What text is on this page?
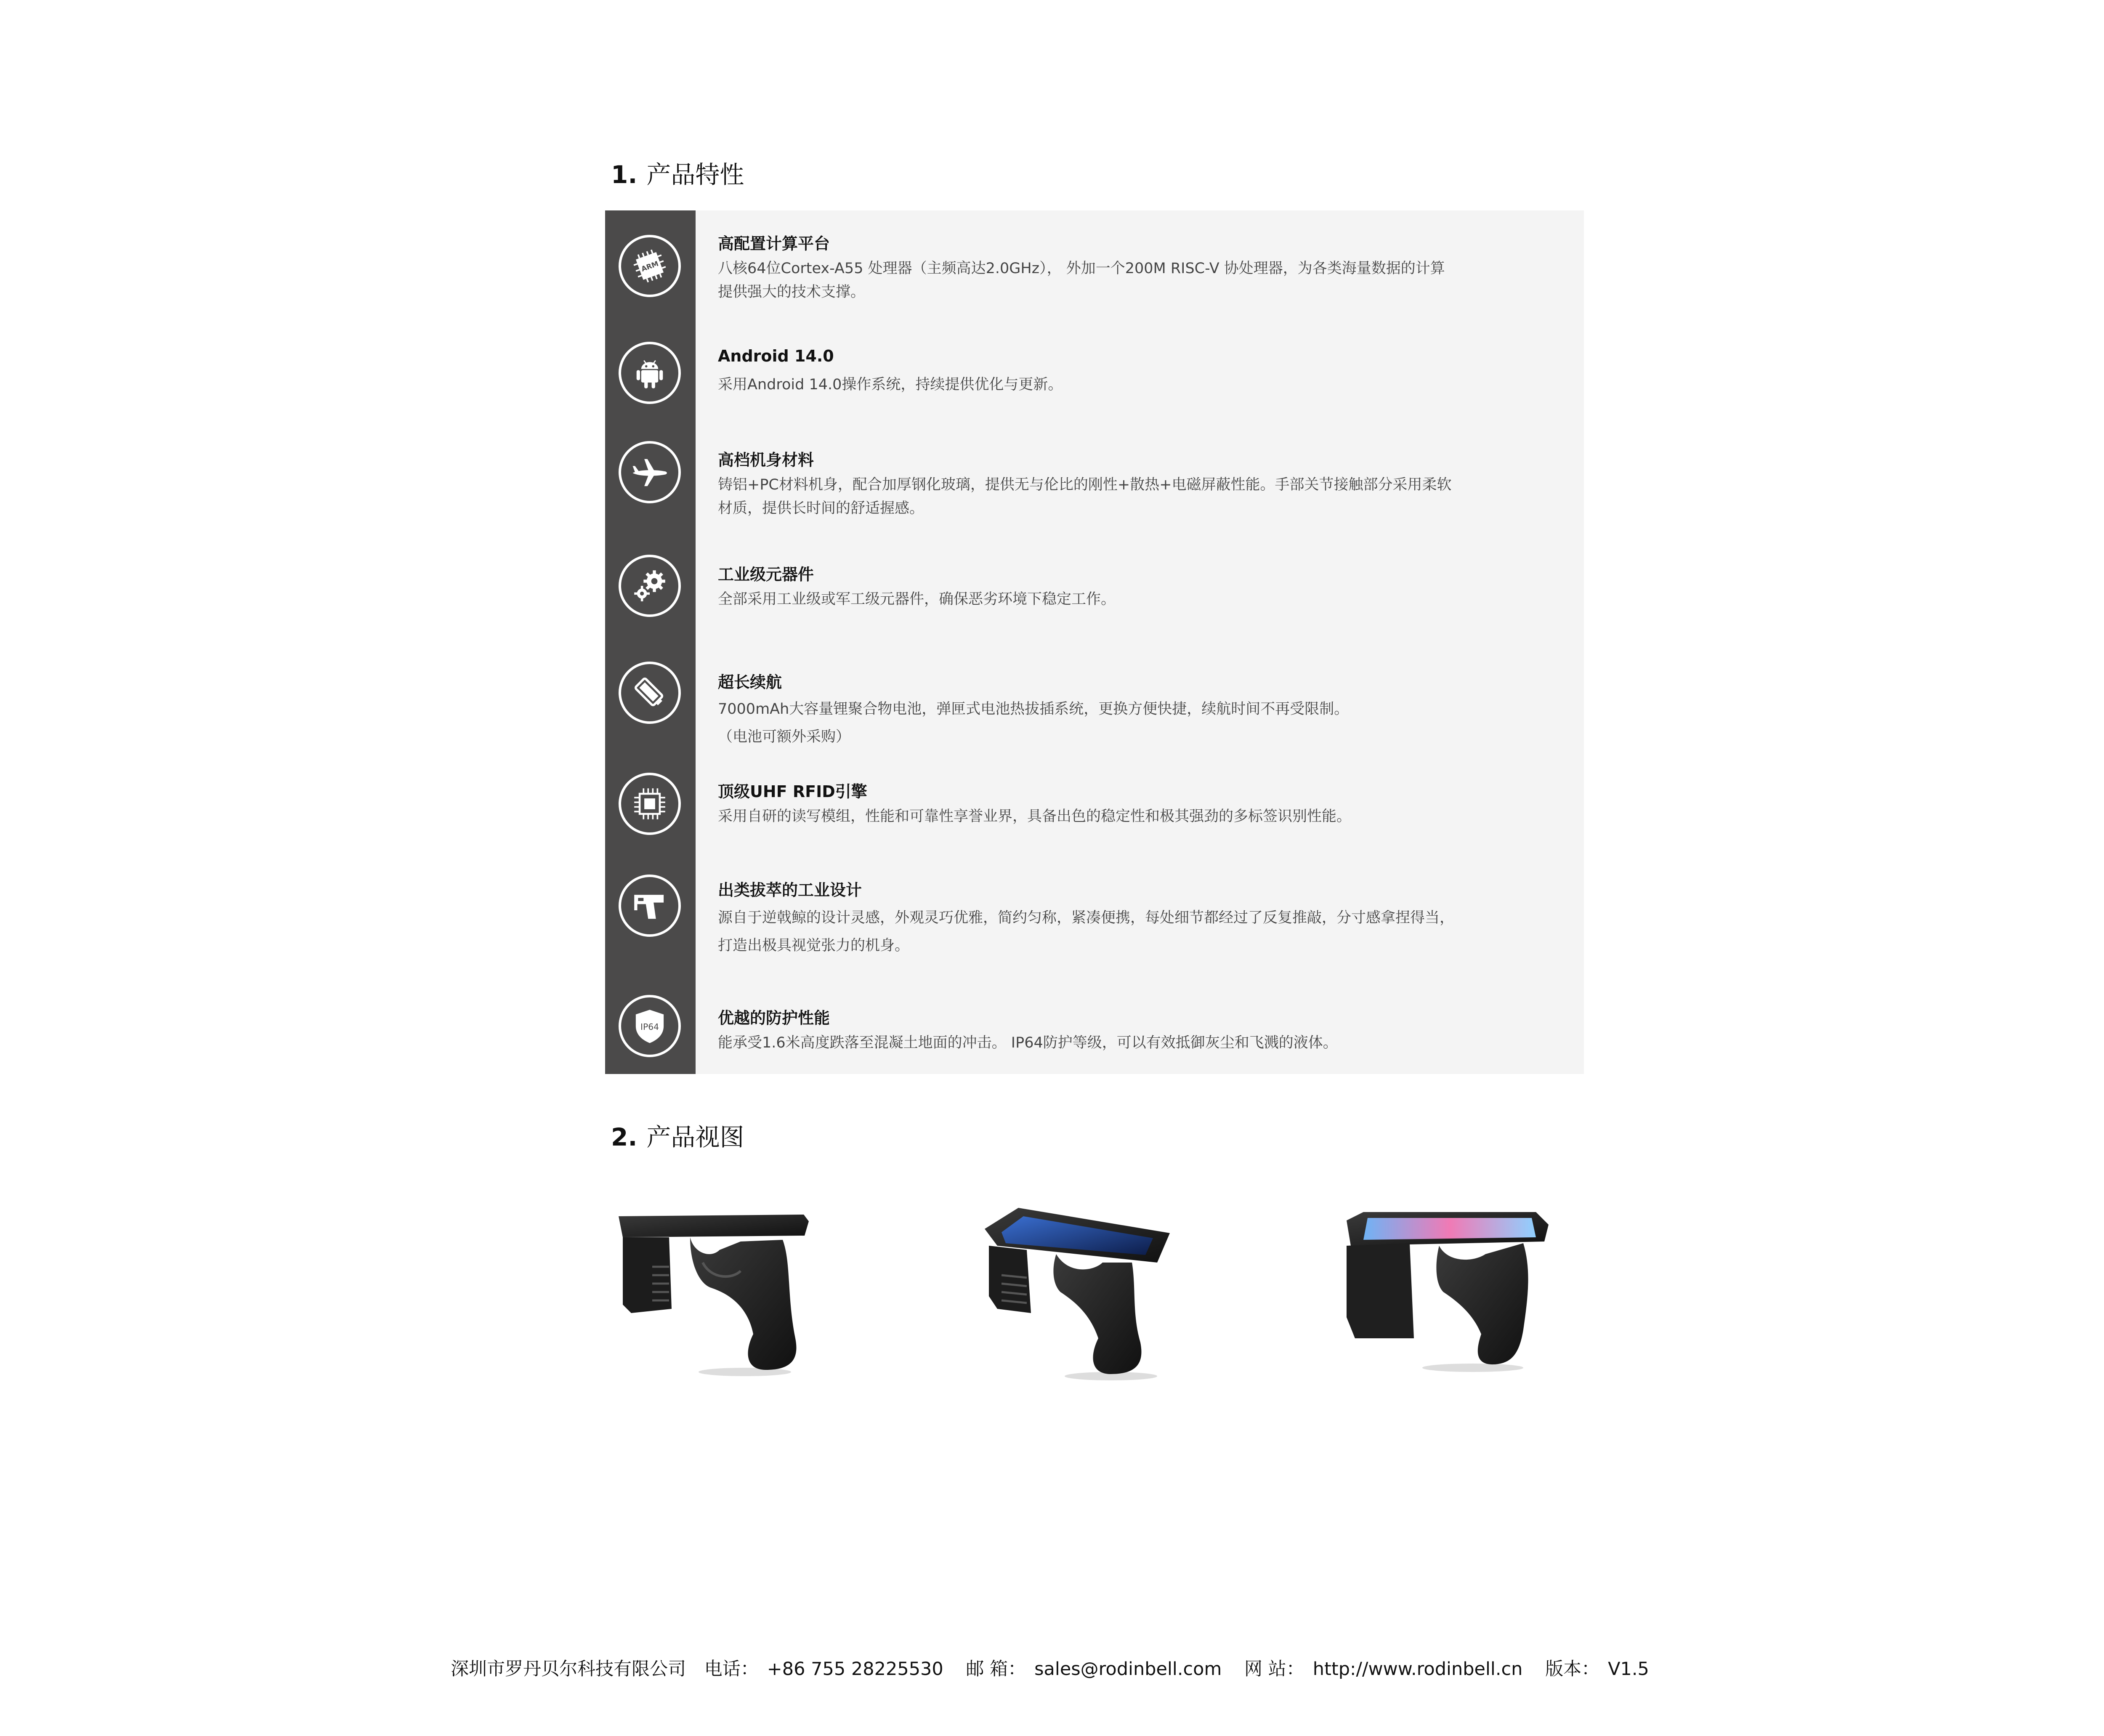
1. 产品特性
ARM
高配置计算平台
八核64位Cortex-A55 处理器（主频高达2.0GHz）， 外加一个200M RISC-V 协处理器，为各类海量数据的计算
提供强大的技术支撑。
Android 14.0
采用Android 14.0操作系统，持续提供优化与更新。
高档机身材料
铸铝+PC材料机身，配合加厚钢化玻璃，提供无与伦比的刚性+散热+电磁屏蔽性能。手部关节接触部分采用柔软
材质，提供长时间的舒适握感。
工业级元器件
全部采用工业级或军工级元器件，确保恶劣环境下稳定工作。
超长续航
7000mAh大容量锂聚合物电池，弹匣式电池热拔插系统，更换方便快捷，续航时间不再受限制。
（电池可额外采购）
顶级UHF RFID引擎
采用自研的读写模组，性能和可靠性享誉业界，具备出色的稳定性和极其强劲的多标签识别性能。
出类拔萃的工业设计
源自于逆戟鲸的设计灵感，外观灵巧优雅，简约匀称，紧凑便携，每处细节都经过了反复推敲，分寸感拿捏得当，
打造出极具视觉张力的机身。
IP64	优越的防护性能
能承受1.6米高度跌落至混凝土地面的冲击。 IP64防护等级，可以有效抵御灰尘和飞溅的液体。
2. 产品视图
深圳市罗丹贝尔科技有限公司 电话： +86 755 28225530 邮 箱： sales@rodinbell.com 网 站： http://www.rodinbell.cn 版本： V1.5
